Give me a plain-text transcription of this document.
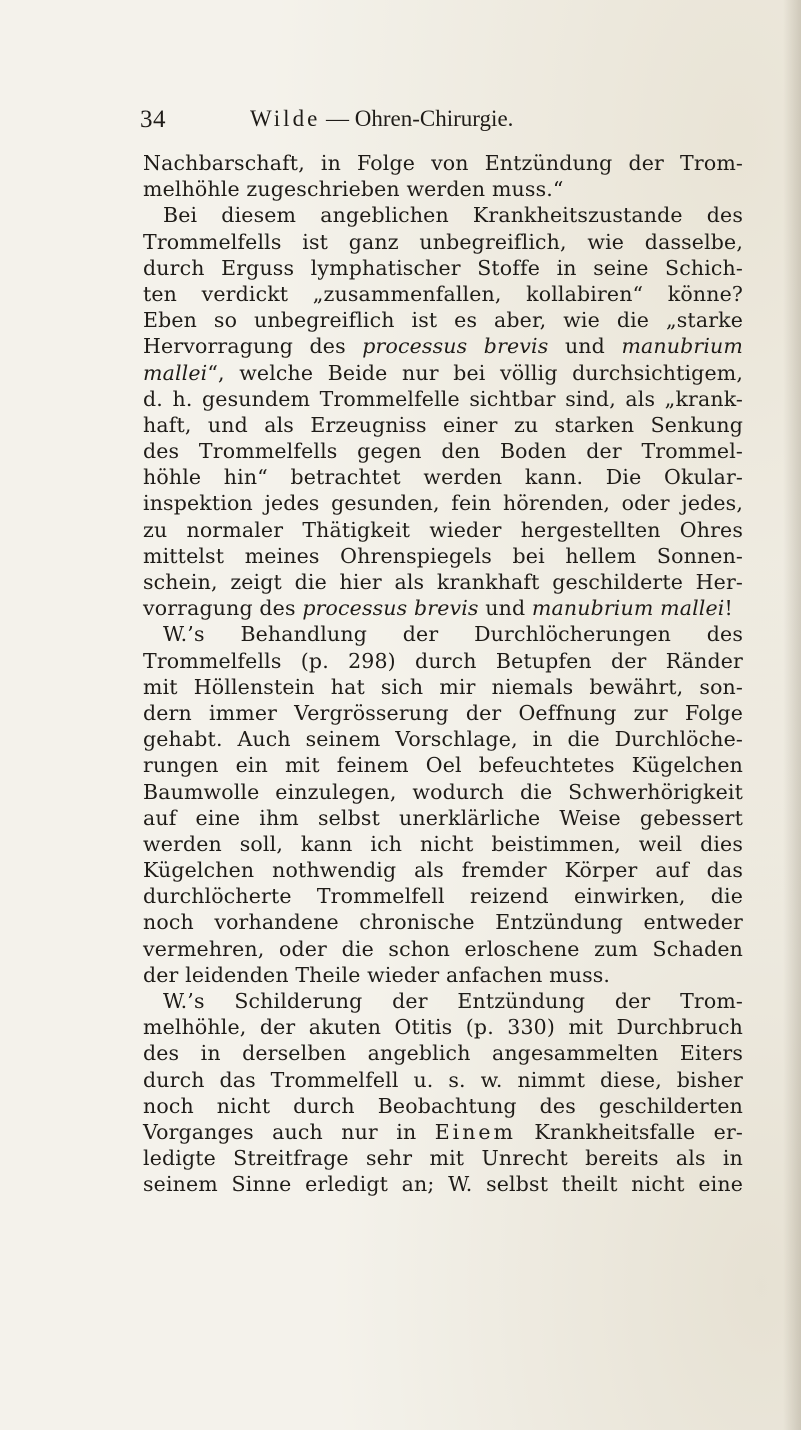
34	Wilde — Ohren-Chirurgie.
Nachbarschaft, in Folge von Entzündung der Trom-
melhöhle zugeschrieben werden muss.“
Bei diesem angeblichen Krankheitszustande des
Trommelfells ist ganz unbegreiflich, wie dasselbe,
durch Erguss lymphatischer Stoffe in seine Schich-
ten verdickt „zusammenfallen, kollabiren“ könne?
Eben so unbegreiflich ist es aber, wie die „starke
Hervorragung des processus brevis und manubrium
mallei“, welche Beide nur bei völlig durchsichtigem,
d. h. gesundem Trommelfelle sichtbar sind, als „krank-
haft, und als Erzeugniss einer zu starken Senkung
des Trommelfells gegen den Boden der Trommel-
höhle hin“ betrachtet werden kann. Die Okular-
inspektion jedes gesunden, fein hörenden, oder jedes,
zu normaler Thätigkeit wieder hergestellten Ohres
mittelst meines Ohrenspiegels bei hellem Sonnen-
schein, zeigt die hier als krankhaft geschilderte Her-
vorragung des processus brevis und manubrium mallei!
W.’s Behandlung der Durchlöcherungen des
Trommelfells (p. 298) durch Betupfen der Ränder
mit Höllenstein hat sich mir niemals bewährt, son-
dern immer Vergrösserung der Oeffnung zur Folge
gehabt. Auch seinem Vorschlage, in die Durchlöche-
rungen ein mit feinem Oel befeuchtetes Kügelchen
Baumwolle einzulegen, wodurch die Schwerhörigkeit
auf eine ihm selbst unerklärliche Weise gebessert
werden soll, kann ich nicht beistimmen, weil dies
Kügelchen nothwendig als fremder Körper auf das
durchlöcherte Trommelfell reizend einwirken, die
noch vorhandene chronische Entzündung entweder
vermehren, oder die schon erloschene zum Schaden
der leidenden Theile wieder anfachen muss.
W.’s Schilderung der Entzündung der Trom-
melhöhle, der akuten Otitis (p. 330) mit Durchbruch
des in derselben angeblich angesammelten Eiters
durch das Trommelfell u. s. w. nimmt diese, bisher
noch nicht durch Beobachtung des geschilderten
Vorganges auch nur in Einem Krankheitsfalle er-
ledigte Streitfrage sehr mit Unrecht bereits als in
seinem Sinne erledigt an; W. selbst theilt nicht eine
